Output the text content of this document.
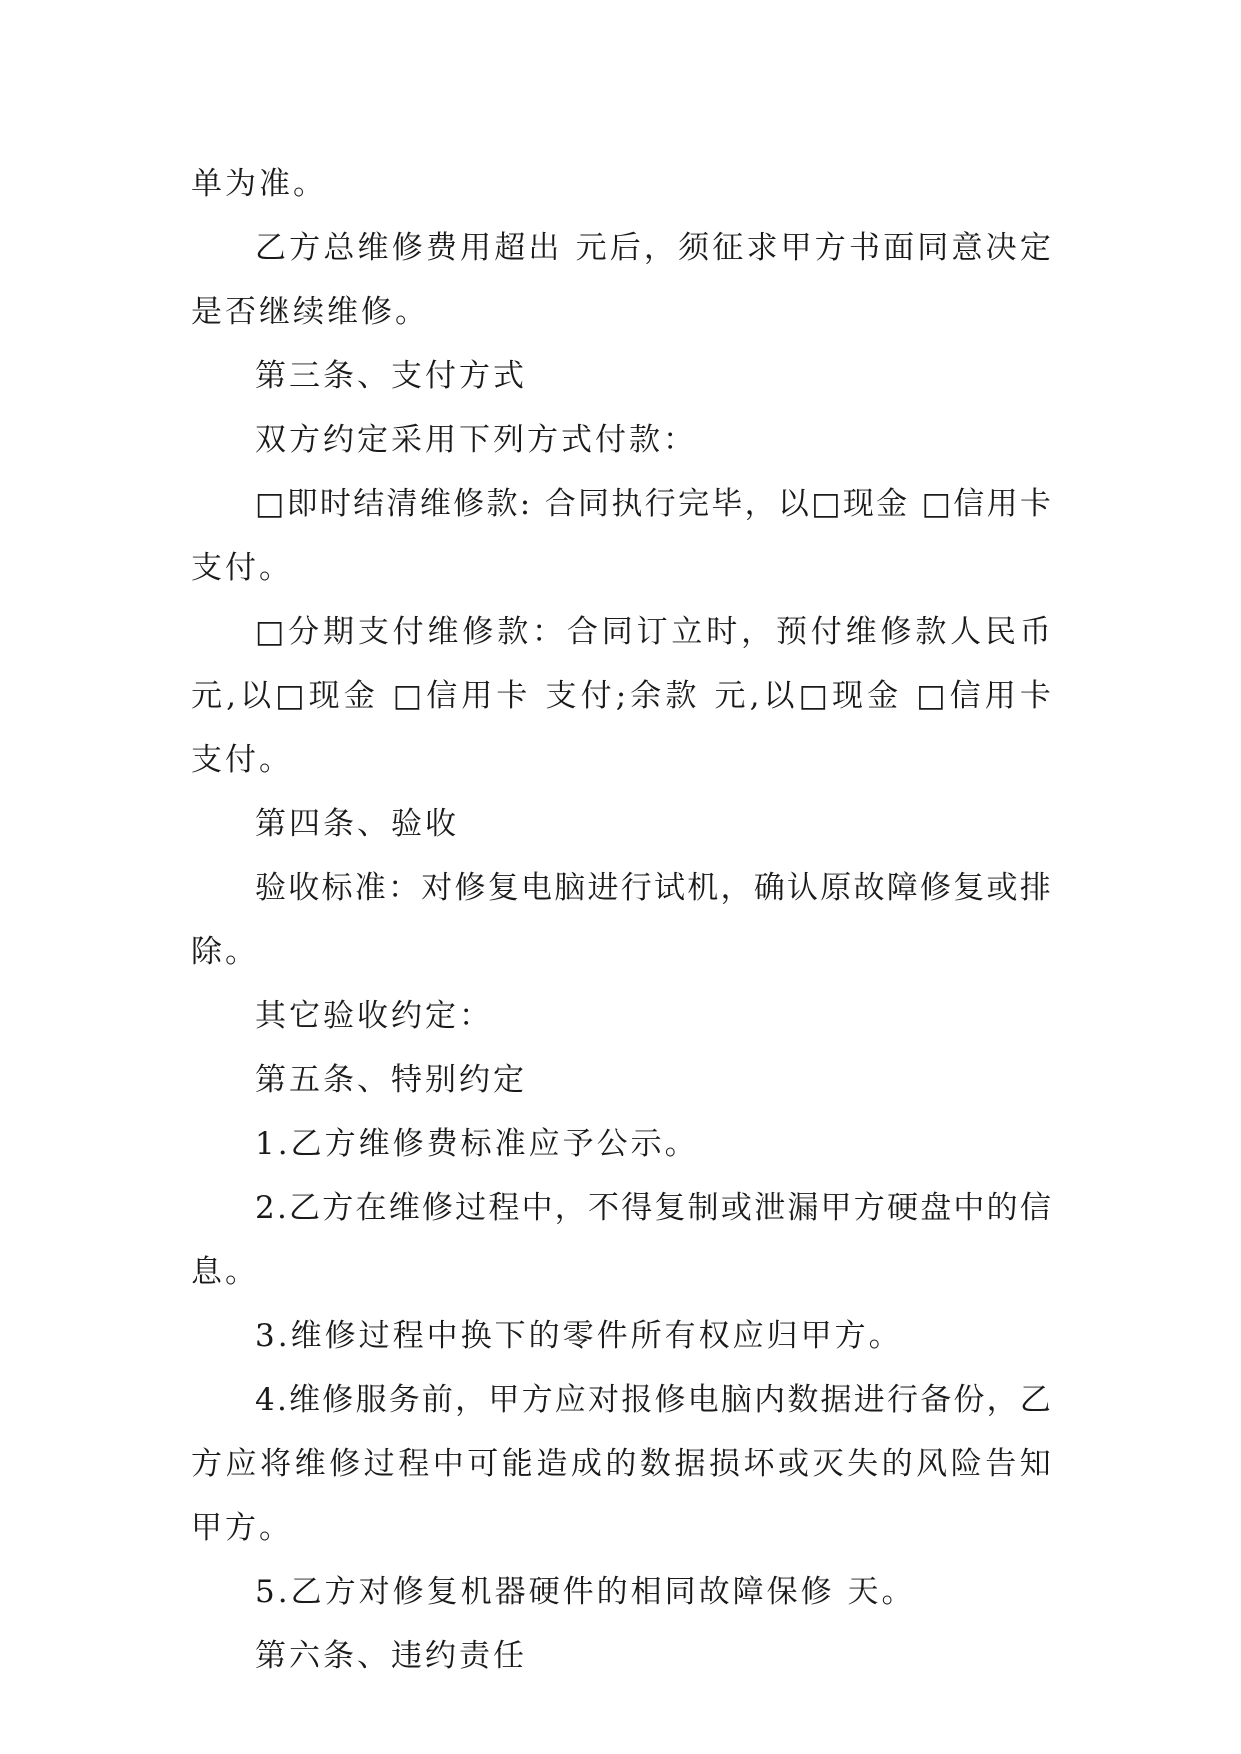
单 为 准 。
乙 方 总 维 修 费 用 超 出
元 后 ， 须 征 求 甲 方 书 面 同 意 决 定
是 否 继 续 维 修 。
第 三 条 、 支 付 方 式
双 方 约 定 采 用 下 列 方 式 付 款 ：
□ 即 时 结 清 维 修 款 :
合 同 执 行 完 毕 ， 以 □ 现 金
□ 信 用 卡
支 付 。
□ 分 期 支 付 维 修 款 ： 合 同 订 立 时 ， 预 付 维 修 款 人 民 币
元 , 以 □ 现 金
□ 信 用 卡
支 付 ; 余 款
元 , 以 □ 现 金
□ 信 用 卡
支 付 。
第 四 条 、 验 收
验 收 标 准 ： 对 修 复 电 脑 进 行 试 机 ， 确 认 原 故 障 修 复 或 排
除 。
其 它 验 收 约 定 ：
第 五 条 、 特 别 约 定
1 . 乙 方 维 修 费 标 准 应 予 公 示 。
2 . 乙 方 在 维 修 过 程 中 ， 不 得 复 制 或 泄 漏 甲 方 硬 盘 中 的 信
息 。
3 . 维 修 过 程 中 换 下 的 零 件 所 有 权 应 归 甲 方 。
4 . 维 修 服 务 前 ， 甲 方 应 对 报 修 电 脑 内 数 据 进 行 备 份 ， 乙
方 应 将 维 修 过 程 中 可 能 造 成 的 数 据 损 坏 或 灭 失 的 风 险 告 知
甲 方 。
5 . 乙 方 对 修 复 机 器 硬 件 的 相 同 故 障 保 修
天 。
第 六 条 、 违 约 责 任
